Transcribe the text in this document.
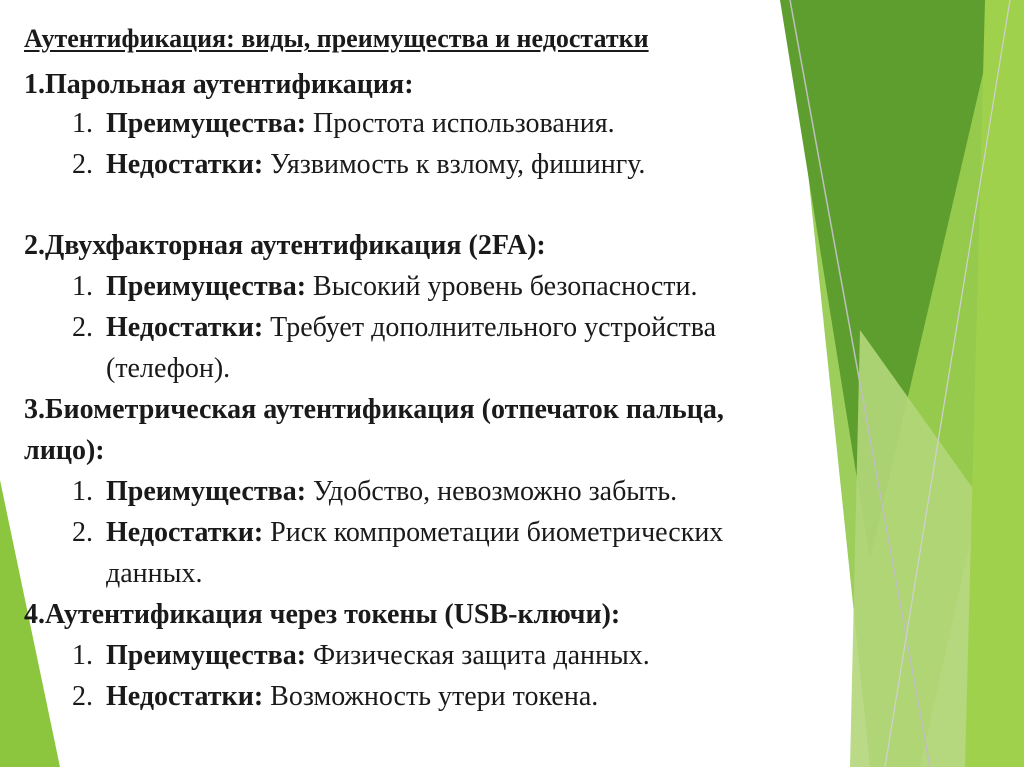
Аутентификация: виды, преимущества и недостатки

1.Парольная аутентификация:

1. Преимущества: Простота использования.

2. Недостатки: Уязвимость к взлому, фишингу.

2.Двухфакторная аутентификация (2FA):

1. Преимущества: Высокий уровень безопасности.

2. Недостатки: Требует дополнительного устройства

(телефон).

3.Биометрическая аутентификация (отпечаток пальца,

лицо):

1. Преимущества: Удобство, невозможно забыть.

2. Недостатки: Риск компрометации биометрических

данных.

4.Аутентификация через токены (USB-ключи):

1. Преимущества: Физическая защита данных.

2. Недостатки: Возможность утери токена.
